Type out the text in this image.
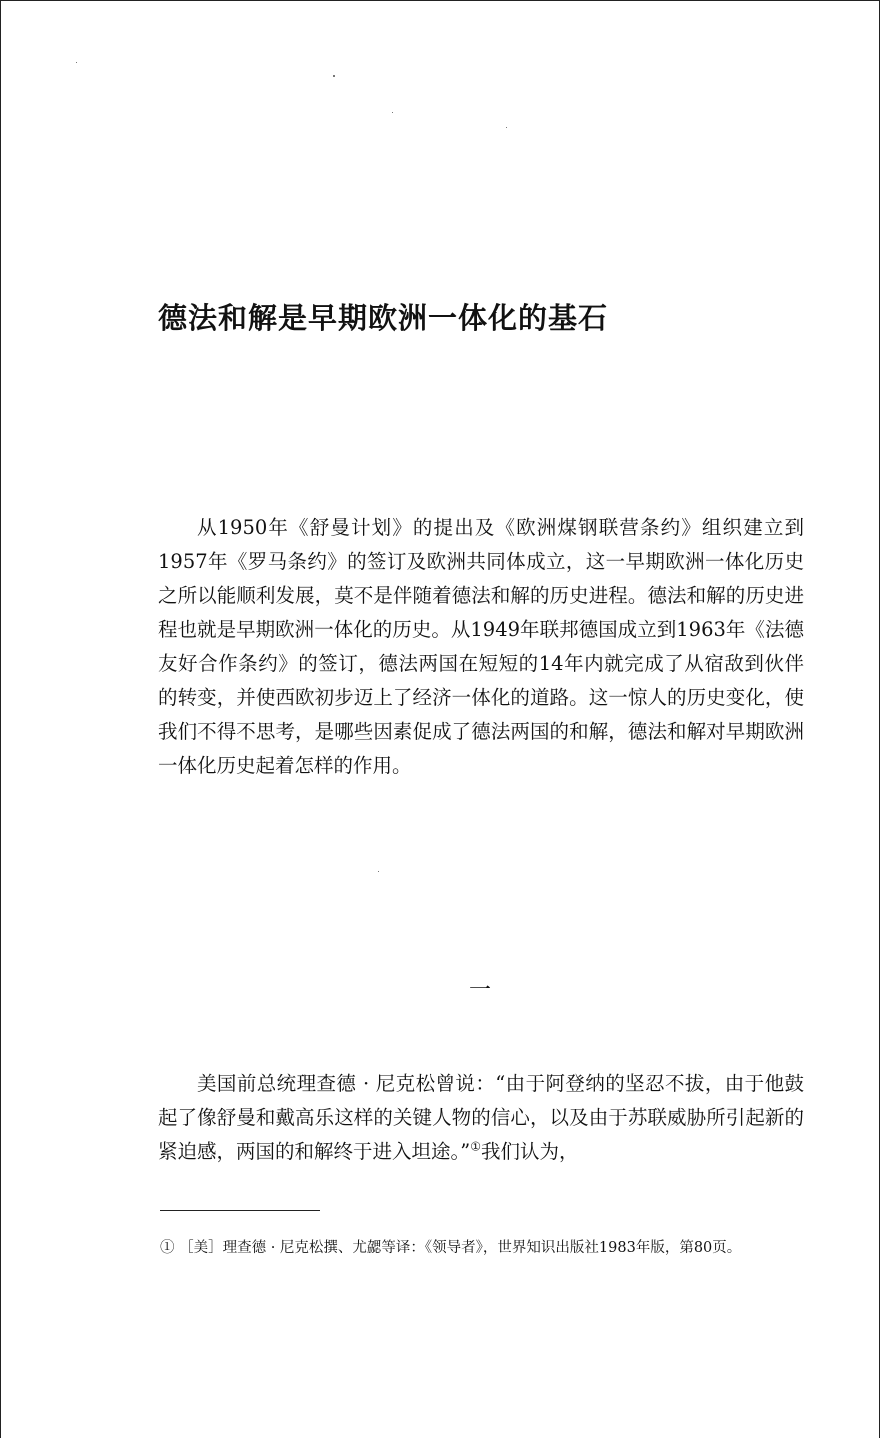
德法和解是早期欧洲一体化的基石

从1950年《舒曼计划》的提出及《欧洲煤钢联营条约》组织建立到1957年《罗马条约》的签订及欧洲共同体成立，这一早期欧洲一体化历史之所以能顺利发展，莫不是伴随着德法和解的历史进程。德法和解的历史进程也就是早期欧洲一体化的历史。从1949年联邦德国成立到1963年《法德友好合作条约》的签订，德法两国在短短的14年内就完成了从宿敌到伙伴的转变，并使西欧初步迈上了经济一体化的道路。这一惊人的历史变化，使我们不得不思考，是哪些因素促成了德法两国的和解，德法和解对早期欧洲一体化历史起着怎样的作用。

一

美国前总统理查德 · 尼克松曾说：“由于阿登纳的坚忍不拔，由于他鼓起了像舒曼和戴高乐这样的关键人物的信心，以及由于苏联威胁所引起新的紧迫感，两国的和解终于进入坦途。”①我们认为，

① ［美］理查德 · 尼克松撰、尤勰等译：《领导者》，世界知识出版社1983年版，第80页。
